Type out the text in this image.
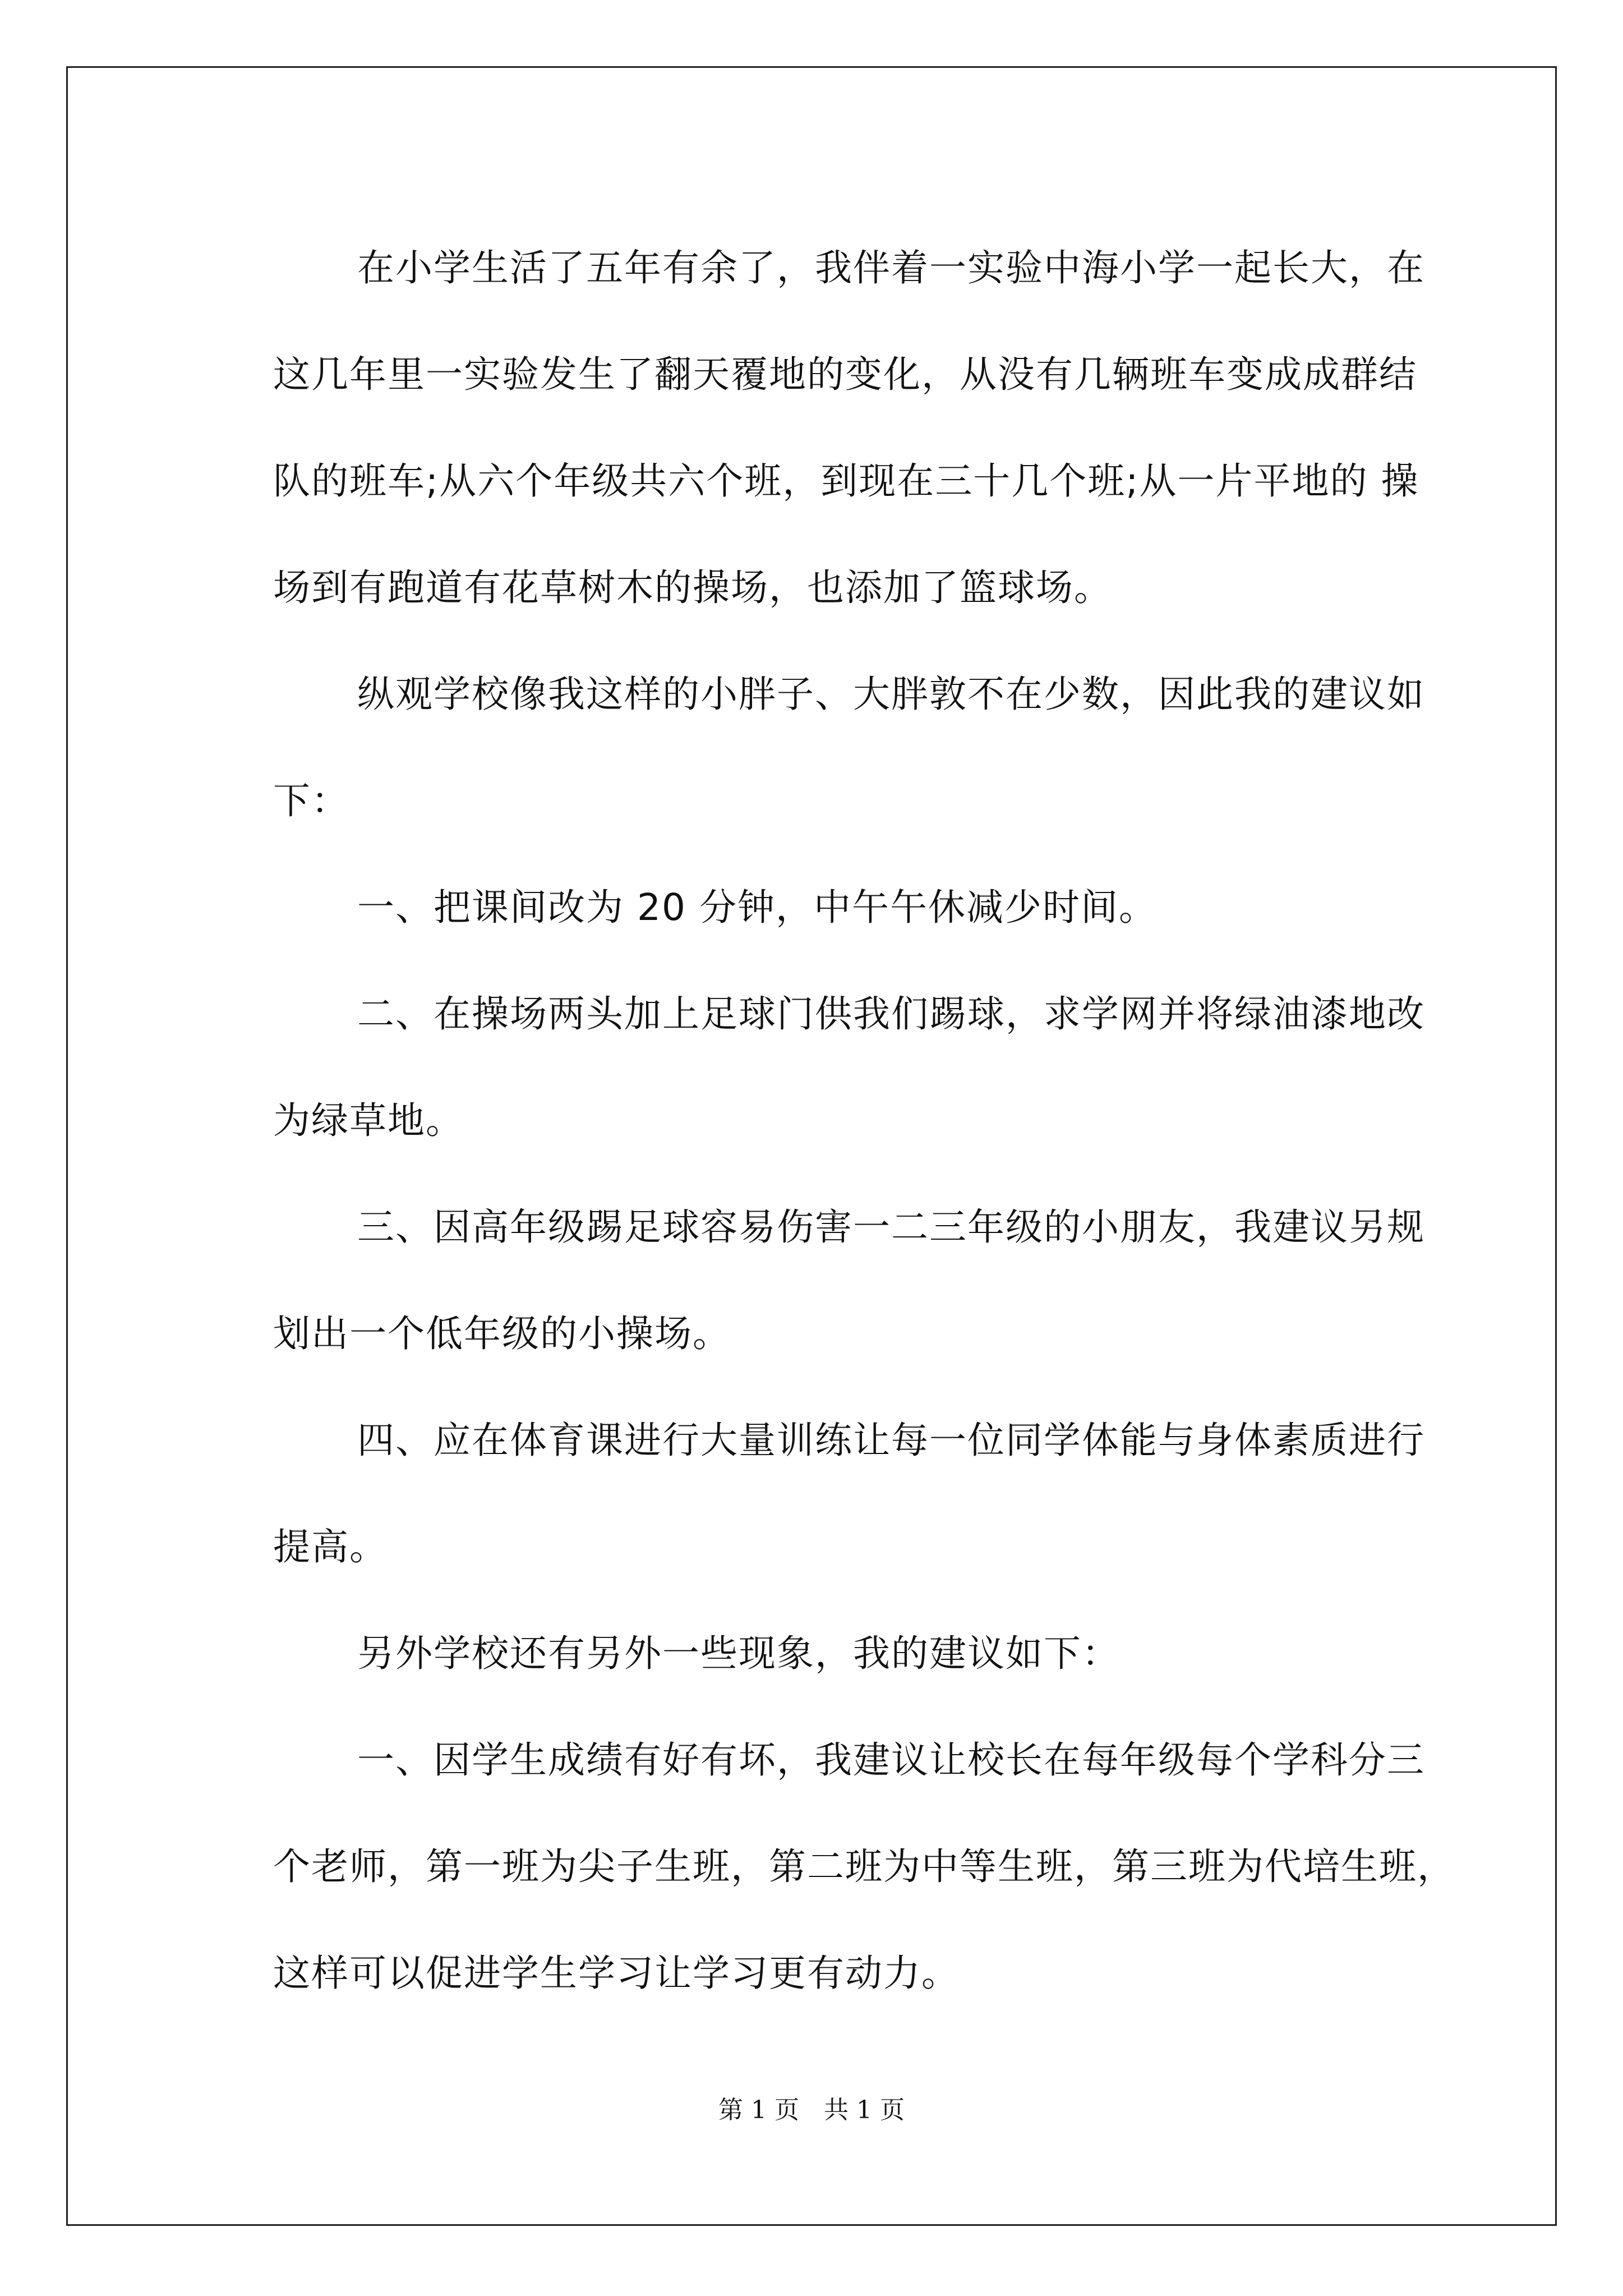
在小学生活了五年有余了，我伴着一实验中海小学一起长大，在
这几年里一实验发生了翻天覆地的变化，从没有几辆班车变成成群结
队的班车;从六个年级共六个班，到现在三十几个班;从一片平地的 操
场到有跑道有花草树木的操场，也添加了篮球场。
纵观学校像我这样的小胖子、大胖敦不在少数，因此我的建议如
下：
一、把课间改为 20 分钟，中午午休减少时间。
二、在操场两头加上足球门供我们踢球，求学网并将绿油漆地改
为绿草地。
三、因高年级踢足球容易伤害一二三年级的小朋友，我建议另规
划出一个低年级的小操场。
四、应在体育课进行大量训练让每一位同学体能与身体素质进行
提高。
另外学校还有另外一些现象，我的建议如下：
一、因学生成绩有好有坏，我建议让校长在每年级每个学科分三
个老师，第一班为尖子生班，第二班为中等生班，第三班为代培生班，
这样可以促进学生学习让学习更有动力。
第 1 页　共 1 页
